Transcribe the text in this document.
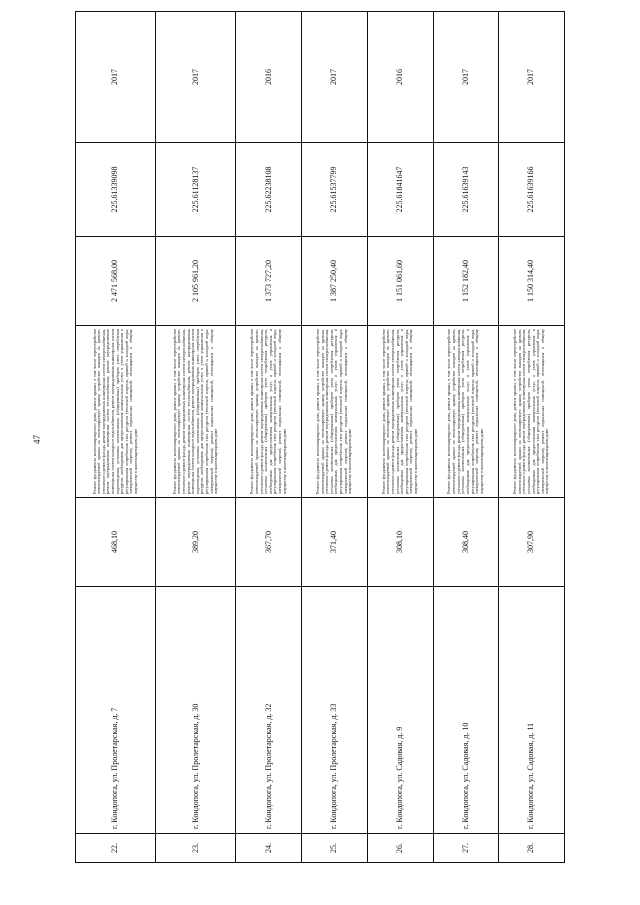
47
22.	г. Кондопога, ул. Пролетарская, д. 7	468,10	Ремонт фундамента многоквартирного дома, ремонт крыши, в том числе переустройство невентилируемой крыши на вентилируемую крышу, устройство выходов на кровлю, утепление и ремонт фасада, ремонт внутридомовых инженерных систем электроснабжения, ремонт внутридомовых инженерных систем теплоснабжения, ремонт внутридомовых инженерных систем холодного водоснабжения, ремонт внутридомовых инженерных систем водоотведения, установка коллективных (общедомовых) приборов учета потребления ресурсов, необходимых для предоставления коммунальных услуг, и узлов управления и регулирования потребления этих ресурсов (тепловой энергии, горячей и холодной воды, электрической энергии), ремонт подвальных помещений, относящихся к общему имуществу в многоквартирном доме	2 471 568,00	225.61339098	2017
23.	г. Кондопога, ул. Пролетарская, д. 30	389,20	Ремонт фундамента многоквартирного дома, ремонт крыши, в том числе переустройство невентилируемой крыши на вентилируемую крышу, устройство выходов на кровлю, утепление и ремонт фасада, ремонт внутридомовых инженерных систем электроснабжения, ремонт внутридомовых инженерных систем теплоснабжения, ремонт внутридомовых инженерных систем холодного водоснабжения, ремонт внутридомовых инженерных систем водоотведения, установка коллективных (общедомовых) приборов учета потребления ресурсов, необходимых для предоставления коммунальных услуг, и узлов управления и регулирования потребления этих ресурсов (тепловой энергии, горячей и холодной воды, электрической энергии), ремонт подвальных помещений, относящихся к общему имуществу в многоквартирном доме	2 105 961,20	225.61128137	2017
24.	г. Кондопога, ул. Пролетарская, д. 32	367,70	Ремонт фундамента многоквартирного дома, ремонт крыши, в том числе переустройство невентилируемой крыши на вентилируемую крышу, устройство выходов на кровлю, утепление и ремонт фасада, ремонт внутридомовых инженерных систем электроснабжения, установка коллективных (общедомовых) приборов учета потребления ресурсов, необходимых для предоставления коммунальных услуг, и узлов управления и регулирования потребления этих ресурсов (тепловой энергии, горячей и холодной воды, электрической энергии), ремонт подвальных помещений, относящихся к общему имуществу в многоквартирном доме	1 373 727,20	225.62238108	2016
25.	г. Кондопога, ул. Пролетарская, д. 33	371,40	Ремонт фундамента многоквартирного дома, ремонт крыши, в том числе переустройство невентилируемой крыши на вентилируемую крышу, устройство выходов на кровлю, утепление и ремонт фасада, ремонт внутридомовых инженерных систем электроснабжения, установка коллективных (общедомовых) приборов учета потребления ресурсов, необходимых для предоставления коммунальных услуг, и узлов управления и регулирования потребления этих ресурсов (тепловой энергии, горячей и холодной воды, электрической энергии), ремонт подвальных помещений, относящихся к общему имуществу в многоквартирном доме	1 387 250,40	225.61537799	2017
26.	г. Кондопога, ул. Садовая, д. 9	308,10	Ремонт фундамента многоквартирного дома, ремонт крыши, в том числе переустройство невентилируемой крыши на вентилируемую крышу, устройство выходов на кровлю, утепление и ремонт фасада, ремонт внутридомовых инженерных систем электроснабжения, установка коллективных (общедомовых) приборов учета потребления ресурсов, необходимых для предоставления коммунальных услуг, и узлов управления и регулирования потребления этих ресурсов (тепловой энергии, горячей и холодной воды, электрической энергии), ремонт подвальных помещений, относящихся к общему имуществу в многоквартирном доме	1 151 061,60	225.61841647	2016
27.	г. Кондопога, ул. Садовая, д. 10	308,40	Ремонт фундамента многоквартирного дома, ремонт крыши, в том числе переустройство невентилируемой крыши на вентилируемую крышу, устройство выходов на кровлю, утепление и ремонт фасада, ремонт внутридомовых инженерных систем электроснабжения, установка коллективных (общедомовых) приборов учета потребления ресурсов, необходимых для предоставления коммунальных услуг, и узлов управления и регулирования потребления этих ресурсов (тепловой энергии, горячей и холодной воды, электрической энергии), ремонт подвальных помещений, относящихся к общему имуществу в многоквартирном доме	1 152 182,40	225.61639143	2017
28.	г. Кондопога, ул. Садовая, д. 11	307,90	Ремонт фундамента многоквартирного дома, ремонт крыши, в том числе переустройство невентилируемой крыши на вентилируемую крышу, устройство выходов на кровлю, утепление и ремонт фасада, ремонт внутридомовых инженерных систем электроснабжения, установка коллективных (общедомовых) приборов учета потребления ресурсов, необходимых для предоставления коммунальных услуг, и узлов управления и регулирования потребления этих ресурсов (тепловой энергии, горячей и холодной воды, электрической энергии), ремонт подвальных помещений, относящихся к общему имуществу в многоквартирном доме	1 150 314,40	225.61639166	2017
